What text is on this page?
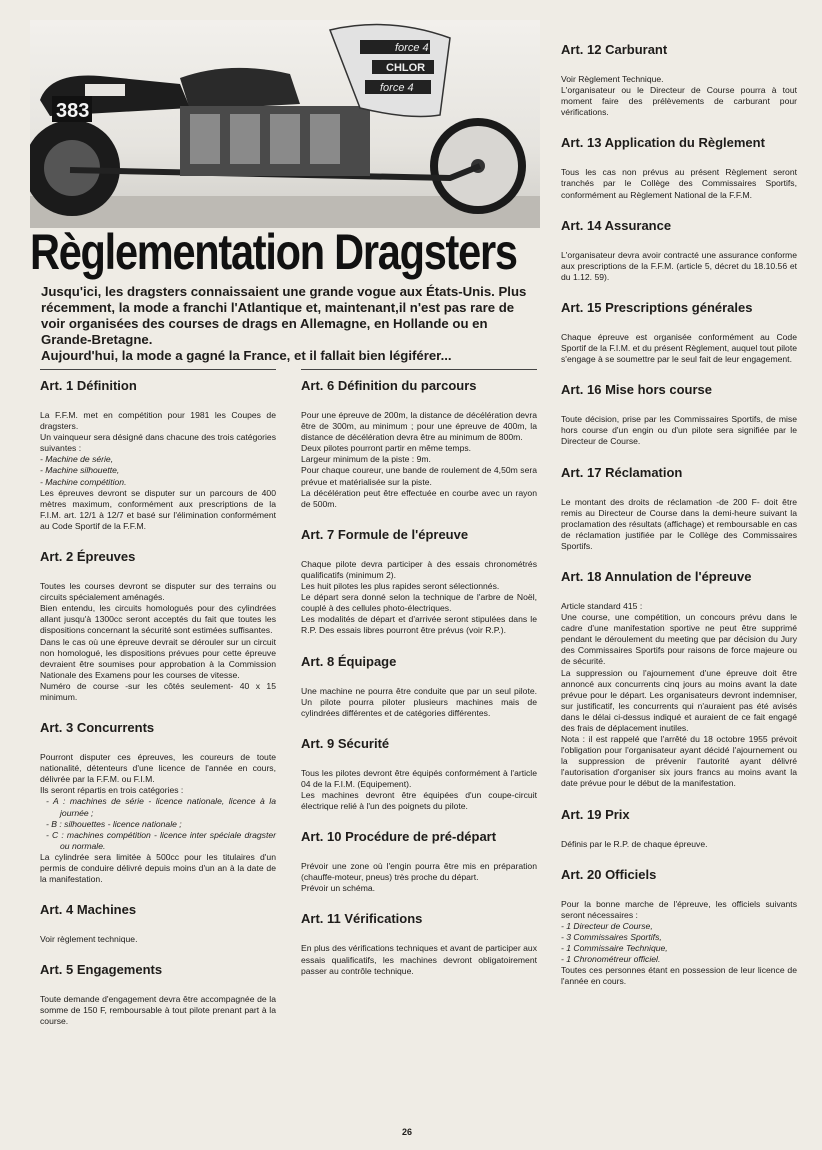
force 4
CHLOR
force 4
383
Règlementation Dragsters

Jusqu'ici, les dragsters connaissaient une grande vogue aux États-Unis. Plus récemment, la mode a franchi l'Atlantique et, maintenant,il n'est pas rare de voir organisées des courses de drags en Allemagne, en Hollande ou en Grande-Bretagne.

Aujourd'hui, la mode a gagné la France, et il fallait bien légiférer...

Art. 1 Définition

La F.F.M. met en compétition pour 1981 les Coupes de dragsters.

Un vainqueur sera désigné dans chacune des trois catégories suivantes :

- Machine de série,

- Machine silhouette,

- Machine compétition.

Les épreuves devront se disputer sur un parcours de 400 mètres maximum, conformément aux prescriptions de la F.I.M. art. 12/1 à 12/7 et basé sur l'élimination conformément au Code Sportif de la F.F.M.

Art. 2 Épreuves

Toutes les courses devront se disputer sur des terrains ou circuits spécialement aménagés.

Bien entendu, les circuits homologués pour des cylindrées allant jusqu'à 1300cc seront acceptés du fait que toutes les dispositions concernant la sécurité sont estimées suffisantes.

Dans le cas où une épreuve devrait se dérouler sur un circuit non homologué, les dispositions prévues pour cette épreuve devraient être soumises pour approbation à la Commission Nationale des Examens pour les courses de vitesse.

Numéro de course -sur les côtés seulement- 40 x 15 minimum.

Art. 3 Concurrents

Pourront disputer ces épreuves, les coureurs de toute nationalité, détenteurs d'une licence de l'année en cours, délivrée par la F.F.M. ou F.I.M.

Ils seront répartis en trois catégories :

- A : machines de série - licence nationale, licence à la journée ;

- B : silhouettes - licence nationale ;

- C : machines compétition - licence inter spéciale dragster ou normale.

La cylindrée sera limitée à 500cc pour les titulaires d'un permis de conduire délivré depuis moins d'un an à la date de la manifestation.

Art. 4 Machines

Voir règlement technique.

Art. 5 Engagements

Toute demande d'engagement devra être accompagnée de la somme de 150 F, remboursable à tout pilote prenant part à la course.

Art. 6 Définition du parcours

Pour une épreuve de 200m, la distance de décélération devra être de 300m, au minimum ; pour une épreuve de 400m, la distance de décélération devra être au minimum de 800m.

Deux pilotes pourront partir en même temps.

Largeur minimum de la piste : 9m.

Pour chaque coureur, une bande de roulement de 4,50m sera prévue et matérialisée sur la piste.

La décélération peut être effectuée en courbe avec un rayon de 500m.

Art. 7 Formule de l'épreuve

Chaque pilote devra participer à des essais chronométrés qualificatifs (minimum 2).

Les huit pilotes les plus rapides seront sélectionnés.

Le départ sera donné selon la technique de l'arbre de Noël, couplé à des cellules photo-électriques.

Les modalités de départ et d'arrivée seront stipulées dans le R.P. Des essais libres pourront être prévus (voir R.P.).

Art. 8 Équipage

Une machine ne pourra être conduite que par un seul pilote. Un pilote pourra piloter plusieurs machines mais de cylindrées différentes et de catégories différentes.

Art. 9 Sécurité

Tous les pilotes devront être équipés conformément à l'article 04 de la F.I.M. (Equipement).

Les machines devront être équipées d'un coupe-circuit électrique relié à l'un des poignets du pilote.

Art. 10 Procédure de pré-départ

Prévoir une zone où l'engin pourra être mis en préparation (chauffe-moteur, pneus) très proche du départ.

Prévoir un schéma.

Art. 11 Vérifications

En plus des vérifications techniques et avant de participer aux essais qualificatifs, les machines devront obligatoirement passer au contrôle technique.

Art. 12 Carburant

Voir Règlement Technique.

L'organisateur ou le Directeur de Course pourra à tout moment faire des prélèvements de carburant pour vérifications.

Art. 13 Application du Règlement

Tous les cas non prévus au présent Règlement seront tranchés par le Collège des Commissaires Sportifs, conformément au Règlement National de la F.F.M.

Art. 14 Assurance

L'organisateur devra avoir contracté une assurance conforme aux prescriptions de la F.F.M. (article 5, décret du 18.10.56 et du 1.12. 59).

Art. 15 Prescriptions générales

Chaque épreuve est organisée conformément au Code Sportif de la F.I.M. et du présent Règlement, auquel tout pilote s'engage à se soumettre par le seul fait de leur engagement.

Art. 16 Mise hors course

Toute décision, prise par les Commissaires Sportifs, de mise hors course d'un engin ou d'un pilote sera signifiée par le Directeur de Course.

Art. 17 Réclamation

Le montant des droits de réclamation -de 200 F- doit être remis au Directeur de Course dans la demi-heure suivant la proclamation des résultats (affichage) et remboursable en cas de réclamation justifiée par le Collège des Commissaires Sportifs.

Art. 18 Annulation de l'épreuve

Article standard 415 :

Une course, une compétition, un concours prévu dans le cadre d'une manifestation sportive ne peut être supprimé pendant le déroulement du meeting que par décision du Jury des Commissaires Sportifs pour raisons de force majeure ou de sécurité.

La suppression ou l'ajournement d'une épreuve doit être annoncé aux concurrents cinq jours au moins avant la date prévue pour le départ. Les organisateurs devront indemniser, sur justificatif, les concurrents qui n'auraient pas été avisés dans le délai ci-dessus indiqué et auraient de ce fait engagé des frais de déplacement inutiles.

Nota : il est rappelé que l'arrêté du 18 octobre 1955 prévoit l'obligation pour l'organisateur ayant décidé l'ajournement ou la suppression de prévenir l'autorité ayant délivré l'autorisation d'organiser six jours francs au moins avant la date prévue pour le début de la manifestation.

Art. 19 Prix

Définis par le R.P. de chaque épreuve.

Art. 20 Officiels

Pour la bonne marche de l'épreuve, les officiels suivants seront nécessaires :

- 1 Directeur de Course,

- 3 Commissaires Sportifs,

- 1 Commissaire Technique,

- 1 Chronométreur officiel.

Toutes ces personnes étant en possession de leur licence de l'année en cours.

26
